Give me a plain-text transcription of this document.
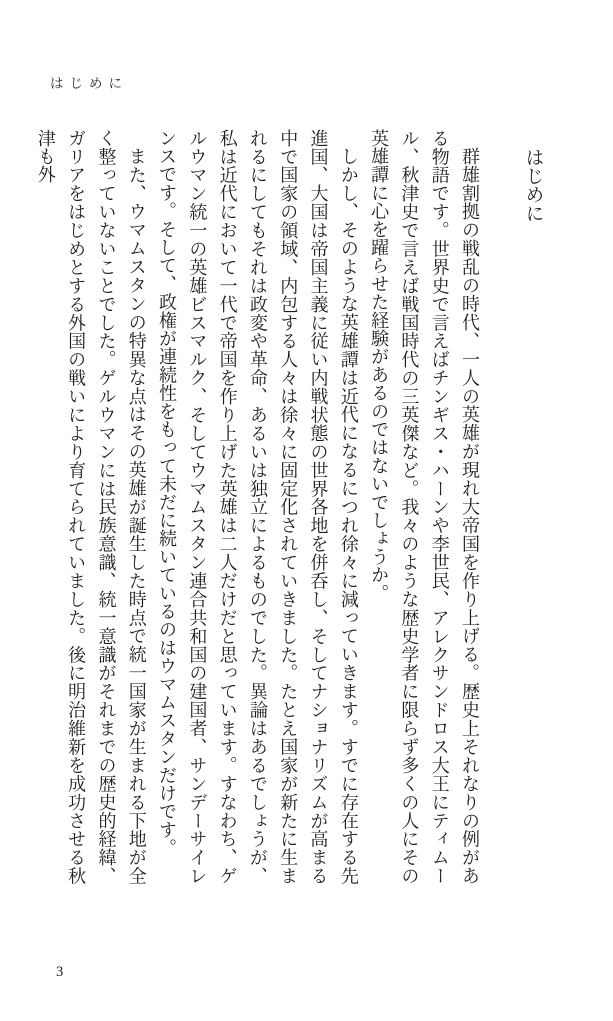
はじめに
はじめに

群雄割拠の戦乱の時代、一人の英雄が現れ大帝国を作り上げる。歴史上それなりの例がある物語です。世界史で言えばチンギス・ハーンや李世民、アレクサンドロス大王にティムール、秋津史で言えば戦国時代の三英傑など。我々のような歴史学者に限らず多くの人にその英雄譚に心を躍らせた経験があるのではないでしょうか。

しかし、そのような英雄譚は近代になるにつれ徐々に減っていきます。すでに存在する先進国、大国は帝国主義に従い内戦状態の世界各地を併呑し、そしてナショナリズムが高まる中で国家の領域、内包する人々は徐々に固定化されていきました。たとえ国家が新たに生まれるにしてもそれは政変や革命、あるいは独立によるものでした。異論はあるでしょうが、私は近代において一代で帝国を作り上げた英雄は二人だけだと思っています。すなわち、ゲルウマン統一の英雄ビスマルク、そしてウマムスタン連合共和国の建国者、サンデーサイレンスです。そして、政権が連続性をもって未だに続いているのはウマムスタンだけです。

また、ウマムスタンの特異な点はその英雄が誕生した時点で統一国家が生まれる下地が全く整っていないことでした。ゲルウマンには民族意識、統一意識がそれまでの歴史的経緯、ガリアをはじめとする外国の戦いにより育てられていました。後に明治維新を成功させる秋津も外

3
